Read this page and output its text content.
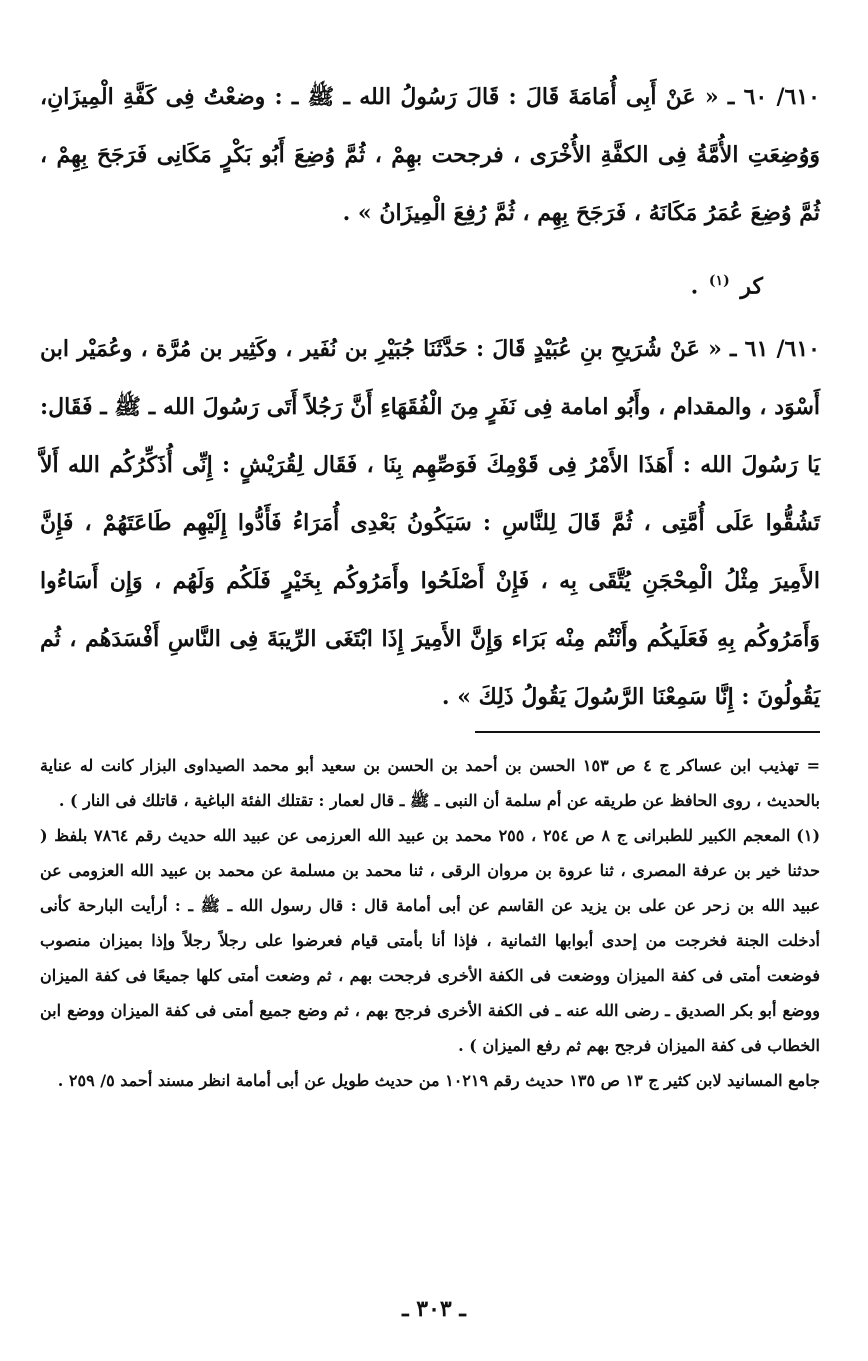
٦١٠/ ٦٠ ـ « عَنْ أَبِى أُمَامَةَ قَالَ : قَالَ رَسُولُ الله ـ ﷺ ـ : وضعْتُ فِى كَفَّةِ الْمِيزَانِ، وَوُضِعَتِ الأُمَّةُ فِى الكفَّةِ الأُخْرَى ، فرجحت بهِمْ ، ثُمَّ وُضِعَ أَبُو بَكْرٍ مَكَانِى فَرَجَحَ بِهِمْ ، ثُمَّ وُضِعَ عُمَرُ مَكَانَهُ ، فَرَجَحَ بِهِم ، ثُمَّ رُفِعَ الْمِيزَانُ » .

كر $^{(١)}$ .

٦١٠/ ٦١ ـ « عَنْ شُرَيحِ بنِ عُبَيْدٍ قَالَ : حَدَّثَنَا جُبَيْرِ بن نُفَير ، وكَثِير بن مُرَّة ، وعُمَيْر ابن أَسْوَد ، والمقدام ، وأَبُو امامة فِى نَفَرٍ مِنَ الْفُقَهَاءِ أَنَّ رَجُلاً أَتَى رَسُولَ الله ـ ﷺ ـ فَقَال: يَا رَسُولَ الله : أَهَذَا الأَمْرُ فِى قَوْمِكَ فَوَصِّهِم بِنَا ، فَقَال لِقُرَيْشٍ : إِنِّى أُذَكِّرُكُم الله أَلاَّ تَشُقُّوا عَلَى أُمَّتِى ، ثُمَّ قَالَ لِلنَّاسِ : سَيَكُونُ بَعْدِى أُمَرَاءُ فَأَدُّوا إِلَيْهِم طَاعَتَهُمْ ، فَإِنَّ الأَمِيرَ مِثْلُ الْمِحْجَنِ يُتَّقَى بِه ، فَإِنْ أَصْلَحُوا وأَمَرُوكُم بِخَيْرٍ فَلَكُم وَلَهُم ، وَإِن أَسَاءُوا وَأَمَرُوكُم بِهِ فَعَلَيكُم وأَنْتُم مِنْه بَرَاء وَإِنَّ الأَمِيرَ إِذَا ابْتَغَى الرِّيبَةَ فِى النَّاسِ أَفْسَدَهُم ، ثُم يَقُولُونَ : إِنَّا سَمِعْنَا الرَّسُولَ يَقُولُ ذَلِكَ » .

= تهذيب ابن عساكر ج ٤ ص ١٥٣ الحسن بن أحمد بن الحسن بن سعيد أبو محمد الصيداوى البزار كانت له عناية بالحديث ، روى الحافظ عن طريقه عن أم سلمة أن النبى ـ ﷺ ـ قال لعمار : تقتلك الفئة الباغية ، قاتلك فى النار ) .

(١)المعجم الكبير للطبرانى ج ٨ ص ٢٥٤ ، ٢٥٥ محمد بن عبيد الله العرزمى عن عبيد الله حديث رقم ٧٨٦٤ بلفظ ( حدثنا خير بن عرفة المصرى ، ثنا عروة بن مروان الرقى ، ثنا محمد بن مسلمة عن محمد بن عبيد الله العزومى عن عبيد الله بن زحر عن على بن يزيد عن القاسم عن أبى أمامة قال : قال رسول الله ـ ﷺ ـ : أرأيت البارحة كأنى أدخلت الجنة فخرجت من إحدى أبوابها الثمانية ، فإذا أنا بأمتى قيام فعرضوا على رجلاً رجلاً وإذا بميزان منصوب فوضعت أمتى فى كفة الميزان ووضعت فى الكفة الأخرى فرجحت بهم ، ثم وضعت أمتى كلها جميعًا فى كفة الميزان ووضع أبو بكر الصديق ـ رضى الله عنه ـ فى الكفة الأخرى فرجح بهم ، ثم وضع جميع أمتى فى كفة الميزان ووضع ابن الخطاب فى كفة الميزان فرجح بهم ثم رفع الميزان ) .

جامع المسانيد لابن كثير ج ١٣ ص ١٣٥ حديث رقم ١٠٢١٩ من حديث طويل عن أبى أمامة انظر مسند أحمد ٥/ ٢٥٩ .

ـ ٣٠٣ ـ
